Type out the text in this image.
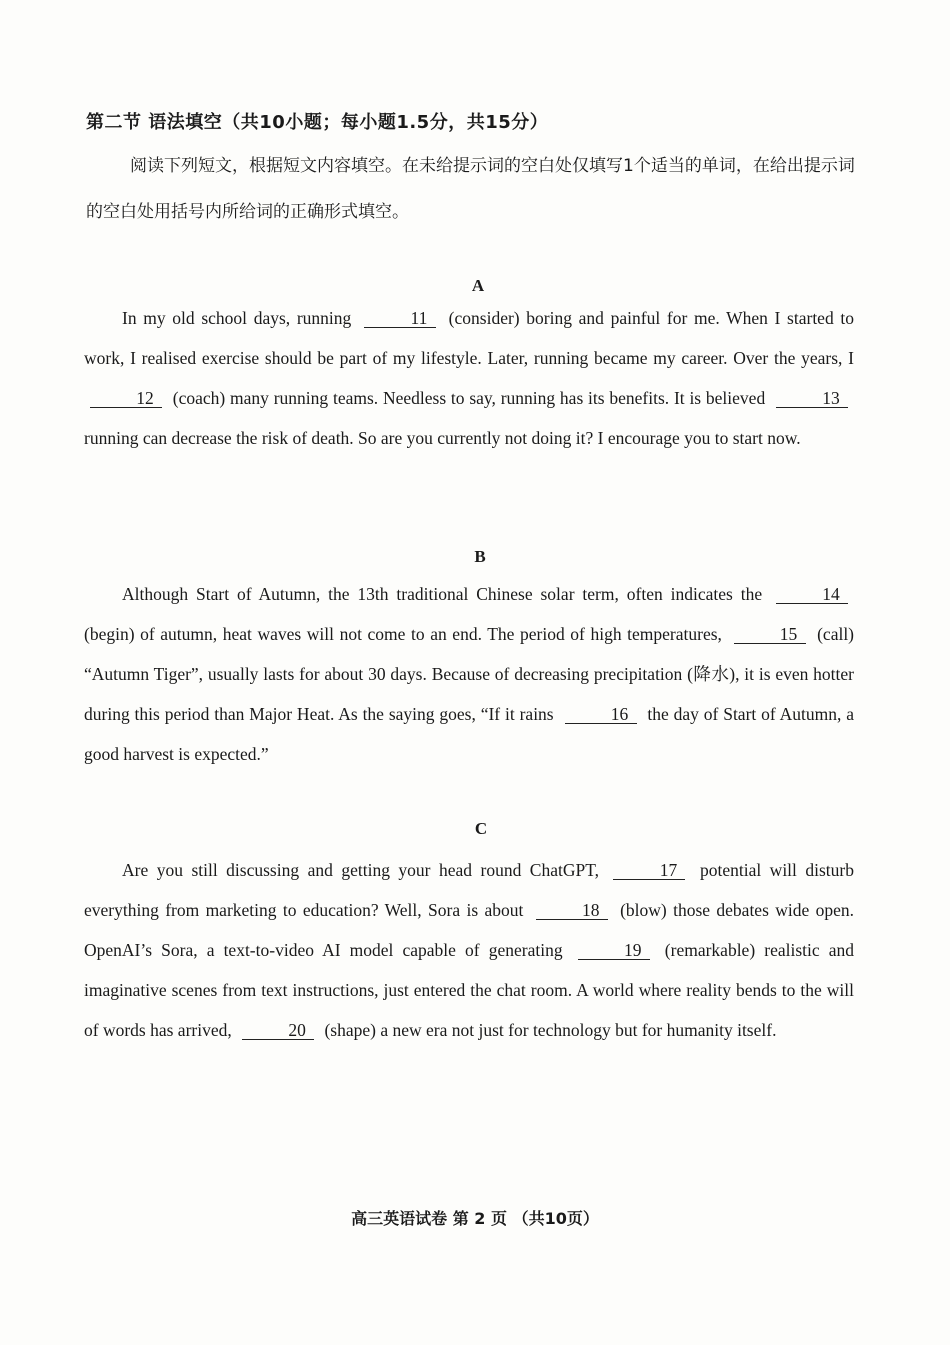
第二节 语法填空（共10小题；每小题1.5分，共15分）
阅读下列短文，根据短文内容填空。在未给提示词的空白处仅填写1个适当的单词，在给出提示词的空白处用括号内所给词的正确形式填空。
A

In my old school days, running	11 (consider) boring and painful for me. When I started to work, I realised exercise should be part of my lifestyle. Later, running became my career. Over the years, I 12 (coach) many running teams. Needless to say, running has its benefits. It is believed	13 running can decrease the risk of death. So are you currently not doing it? I encourage you to start now.

B

Although Start of Autumn, the 13th traditional Chinese solar term, often indicates the	14 (begin) of autumn, heat waves will not come to an end. The period of high temperatures,	15 (call) “Autumn Tiger”, usually lasts for about 30 days. Because of decreasing precipitation (降水), it is even hotter during this period than Major Heat. As the saying goes, “If it rains	16 the day of Start of Autumn, a good harvest is expected.”

C

Are you still discussing and getting your head round ChatGPT,	17 potential will disturb everything from marketing to education? Well, Sora is about	18 (blow) those debates wide open. OpenAI’s Sora, a text-to-video AI model capable of generating	19 (remarkable) realistic and imaginative scenes from text instructions, just entered the chat room. A world where reality bends to the will of words has arrived,	20 (shape) a new era not just for technology but for humanity itself.

高三英语试卷 第 2 页 （共10页）
